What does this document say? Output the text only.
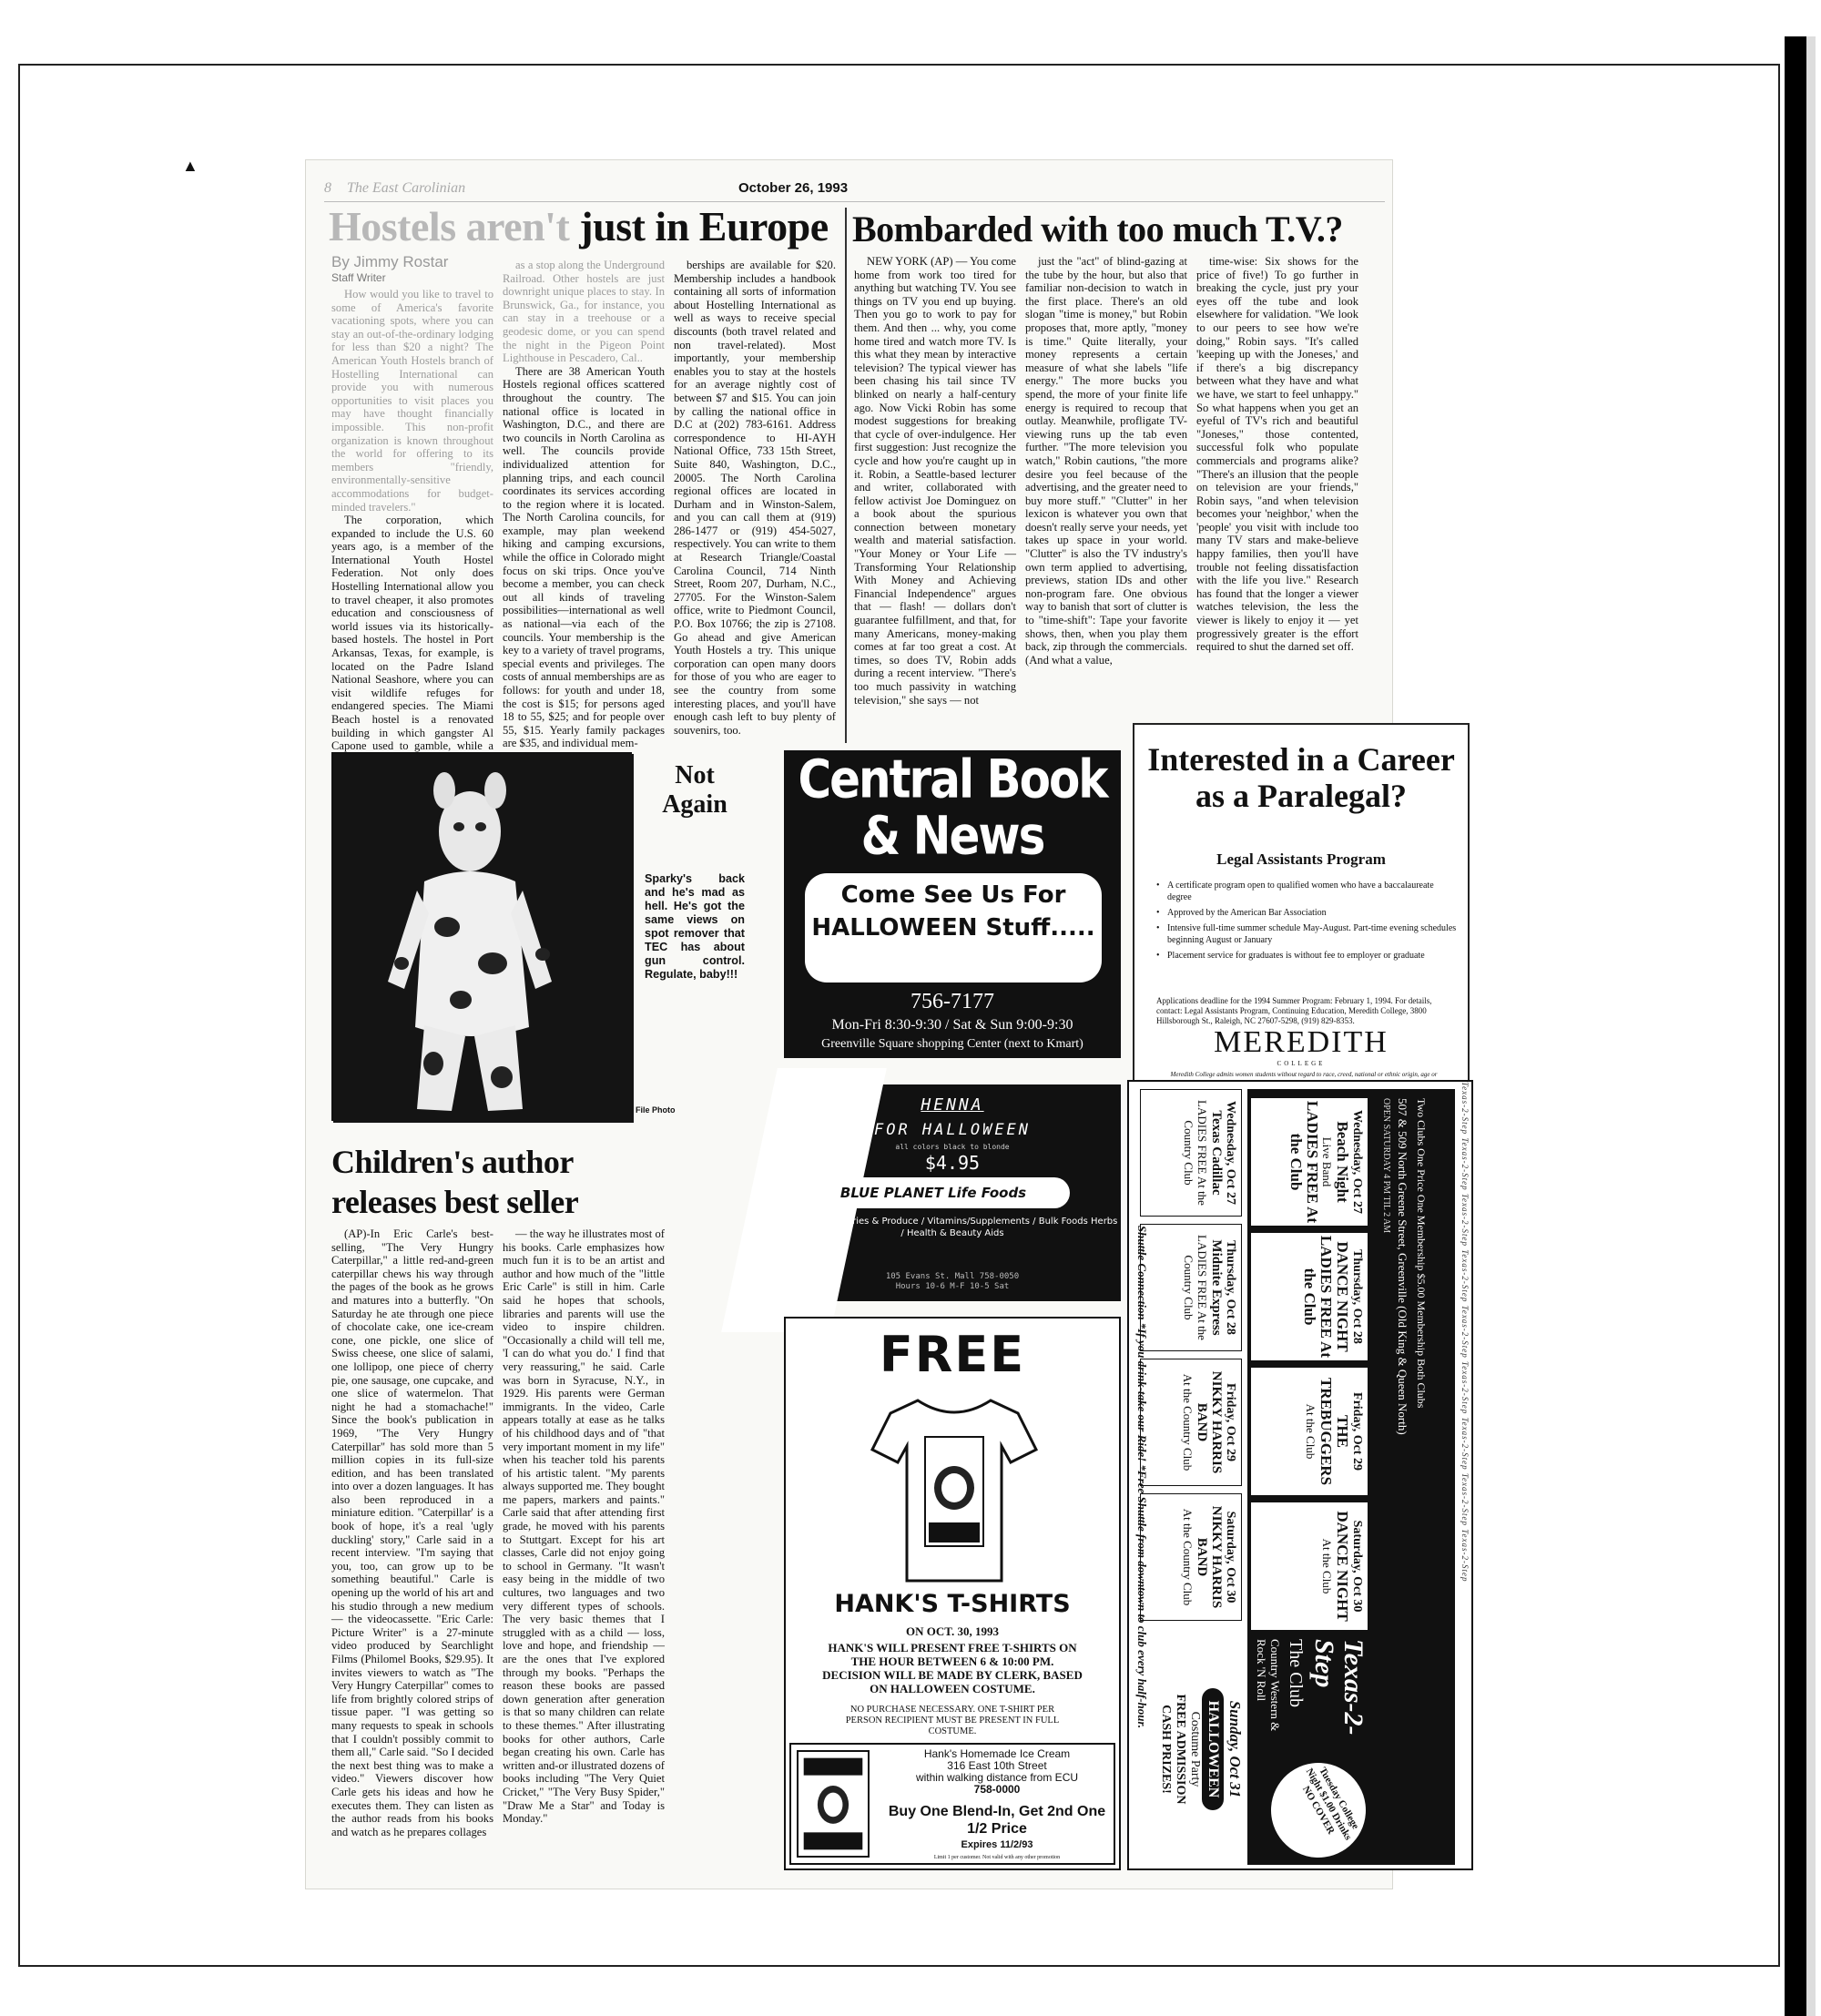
▲
8 The East Carolinian	October 26, 1993
Hostels aren't just in Europe
By Jimmy Rostar
Staff Writer

How would you like to travel to some of America's favorite vacationing spots, where you can stay an out-of-the-ordinary lodging for less than $20 a night? The American Youth Hostels branch of Hostelling International can provide you with numerous opportunities to visit places you may have thought financially impossible. This non-profit organization is known throughout the world for offering to its members "friendly, environmentally-sensitive accommodations for budget-minded travelers."

The corporation, which expanded to include the U.S. 60 years ago, is a member of the International Youth Hostel Federation. Not only does Hostelling International allow you to travel cheaper, it also promotes education and consciousness of world issues via its historically-based hostels. The hostel in Port Arkansas, Texas, for example, is located on the Padre Island National Seashore, where you can visit wildlife refuges for endangered species. The Miami Beach hostel is a renovated building in which gangster Al Capone used to gamble, while a

as a stop along the Underground Railroad. Other hostels are just downright unique places to stay. In Brunswick, Ga., for instance, you can stay in a treehouse or a geodesic dome, or you can spend the night in the Pigeon Point Lighthouse in Pescadero, Cal..

There are 38 American Youth Hostels regional offices scattered throughout the country. The national office is located in Washington, D.C., and there are two councils in North Carolina as well. The councils provide individualized attention for planning trips, and each council coordinates its services according to the region where it is located. The North Carolina councils, for example, may plan weekend hiking and camping excursions, while the office in Colorado might focus on ski trips. Once you've become a member, you can check out all kinds of traveling possibilities—international as well as national—via each of the councils. Your membership is the key to a variety of travel programs, special events and privileges. The costs of annual memberships are as follows: for youth and under 18, the cost is $15; for persons aged 18 to 55, $25; and for people over 55, $15. Yearly family packages are $35, and individual mem-

berships are available for $20. Membership includes a handbook containing all sorts of information about Hostelling International as well as ways to receive special discounts (both travel related and non travel-related). Most importantly, your membership enables you to stay at the hostels for an average nightly cost of between $7 and $15. You can join by calling the national office in D.C at (202) 783-6161. Address correspondence to HI-AYH National Office, 733 15th Street, Suite 840, Washington, D.C., 20005. The North Carolina regional offices are located in Durham and in Winston-Salem, and you can call them at (919) 286-1477 or (919) 454-5027, respectively. You can write to them at Research Triangle/Coastal Carolina Council, 714 Ninth Street, Room 207, Durham, N.C., 27705. For the Winston-Salem office, write to Piedmont Council, P.O. Box 10766; the zip is 27108. Go ahead and give American Youth Hostels a try. This unique corporation can open many doors for those of you who are eager to see the country from some interesting places, and you'll have enough cash left to buy plenty of souvenirs, too.

Bombarded with too much T.V.?

NEW YORK (AP) — You come home from work too tired for anything but watching TV. You see things on TV you end up buying. Then you go to work to pay for them. And then ... why, you come home tired and watch more TV. Is this what they mean by interactive television? The typical viewer has been chasing his tail since TV blinked on nearly a half-century ago. Now Vicki Robin has some modest suggestions for breaking that cycle of over-indulgence. Her first suggestion: Just recognize the cycle and how you're caught up in it. Robin, a Seattle-based lecturer and writer, collaborated with fellow activist Joe Dominguez on a book about the spurious connection between monetary wealth and material satisfaction. "Your Money or Your Life — Transforming Your Relationship With Money and Achieving Financial Independence" argues that — flash! — dollars don't guarantee fulfillment, and that, for many Americans, money-making comes at far too great a cost. At times, so does TV, Robin adds during a recent interview. "There's too much passivity in watching television," she says — not

just the "act" of blind-gazing at the tube by the hour, but also that familiar non-decision to watch in the first place. There's an old slogan "time is money," but Robin proposes that, more aptly, "money is time." Quite literally, your money represents a certain measure of what she labels "life energy." The more bucks you spend, the more of your finite life energy is required to recoup that outlay. Meanwhile, profligate TV-viewing runs up the tab even further. "The more television you watch," Robin cautions, "the more desire you feel because of the advertising, and the greater need to buy more stuff." "Clutter" in her lexicon is whatever you own that doesn't really serve your needs, yet takes up space in your world. "Clutter" is also the TV industry's own term applied to advertising, previews, station IDs and other non-program fare. One obvious way to banish that sort of clutter is to "time-shift": Tape your favorite shows, then, when you play them back, zip through the commercials. (And what a value,

time-wise: Six shows for the price of five!) To go further in breaking the cycle, just pry your eyes off the tube and look elsewhere for validation. "We look to our peers to see how we're doing," Robin says. "It's called 'keeping up with the Joneses,' and if there's a big discrepancy between what they have and what we have, we start to feel unhappy." So what happens when you get an eyeful of TV's rich and beautiful "Joneses," those contented, successful folk who populate commercials and programs alike? "There's an illusion that the people on television are your friends," Robin says, "and when television becomes your 'neighbor,' when the 'people' you visit with include too many TV stars and make-believe happy families, then you'll have trouble not feeling dissatisfaction with the life you live." Research has found that the longer a viewer watches television, the less the viewer is likely to enjoy it — yet progressively greater is the effort required to shut the darned set off.

Not Again
Sparky's back and he's mad as hell. He's got the same views on spot remover that TEC has about gun control. Regulate, baby!!!
File Photo
Central Book & News
Come See Us For HALLOWEEN Stuff.....
756-7177
Mon-Fri 8:30-9:30 / Sat & Sun 9:00-9:30
Greenville Square shopping Center (next to Kmart)
Interested in a Career as a Paralegal?
Legal Assistants Program
• A certificate program open to qualified women who have a baccalaureate degree
• Approved by the American Bar Association
• Intensive full-time summer schedule May-August. Part-time evening schedules beginning August or January
• Placement service for graduates is without fee to employer or graduate
Applications deadline for the 1994 Summer Program: February 1, 1994. For details, contact: Legal Assistants Program, Continuing Education, Meredith College, 3800 Hillsborough St., Raleigh, NC 27607-5298, (919) 829-8353.
MEREDITH
COLLEGE
Meredith College admits women students without regard to race, creed, national or ethnic origin, age or
Children's author releases best seller

(AP)-In Eric Carle's best-selling, "The Very Hungry Caterpillar," a little red-and-green caterpillar chews his way through the pages of the book as he grows and matures into a butterfly. "On Saturday he ate through one piece of chocolate cake, one ice-cream cone, one pickle, one slice of Swiss cheese, one slice of salami, one lollipop, one piece of cherry pie, one sausage, one cupcake, and one slice of watermelon. That night he had a stomachache!" Since the book's publication in 1969, "The Very Hungry Caterpillar" has sold more than 5 million copies in its full-size edition, and has been translated into over a dozen languages. It has also been reproduced in a miniature edition. "Caterpillar' is a book of hope, it's a real 'ugly duckling' story," Carle said in a recent interview. "I'm saying that you, too, can grow up to be something beautiful." Carle is opening up the world of his art and his studio through a new medium — the videocassette. "Eric Carle: Picture Writer" is a 27-minute video produced by Searchlight Films (Philomel Books, $29.95). It invites viewers to watch as "The Very Hungry Caterpillar" comes to life from brightly colored strips of tissue paper. "I was getting so many requests to speak in schools that I couldn't possibly commit to them all," Carle said. "So I decided the next best thing was to make a video." Viewers discover how Carle gets his ideas and how he executes them. They can listen as the author reads from his books and watch as he prepares collages

— the way he illustrates most of his books. Carle emphasizes how much fun it is to be an artist and author and how much of the "little Eric Carle" is still in him. Carle said he hopes that schools, libraries and parents will use the video to inspire children. "Occasionally a child will tell me, 'I can do what you do.' I find that very reassuring," he said. Carle was born in Syracuse, N.Y., in 1929. His parents were German immigrants. In the video, Carle appears totally at ease as he talks of his childhood days and of "that very important moment in my life" when his teacher told his parents of his artistic talent. "My parents always supported me. They bought me papers, markers and paints." Carle said that after attending first grade, he moved with his parents to Stuttgart. Except for his art classes, Carle did not enjoy going to school in Germany. "It wasn't easy being in the middle of two cultures, two languages and two very different types of schools. The very basic themes that I struggled with as a child — loss, love and hope, and friendship — are the ones that I've explored through my books. "Perhaps the reason these books are passed down generation after generation is that so many children can relate to these themes." After illustrating books for other authors, Carle began creating his own. Carle has written and-or illustrated dozens of books including "The Very Quiet Cricket," "The Very Busy Spider," "Draw Me a Star" and Today is Monday."

HENNA
FOR HALLOWEEN
all colors black to blonde
$4.95
BLUE PLANET Life Foods
Organic Groceries & Produce / Vitamins/Supplements / Bulk Foods Herbs / Health & Beauty Aids
105 Evans St. Mall 758-0050
Hours 10-6 M-F 10-5 Sat
FREE
HANK'S T-SHIRTS
ON OCT. 30, 1993
HANK'S WILL PRESENT FREE T-SHIRTS ON THE HOUR BETWEEN 6 & 10:00 PM. DECISION WILL BE MADE BY CLERK, BASED ON HALLOWEEN COSTUME.
NO PURCHASE NECESSARY. ONE T-SHIRT PER PERSON RECIPIENT MUST BE PRESENT IN FULL COSTUME.
Hank's Homemade Ice Cream
316 East 10th Street
within walking distance from ECU
758-0000
Buy One Blend-In, Get 2nd One 1/2 Price
Expires 11/2/93
Limit 1 per customer. Not valid with any other promotion
Texas-2-Step Texas-2-Step Texas-2-Step Texas-2-Step Texas-2-Step Texas-2-Step Texas-2-Step Texas-2-Step Texas-2-Step
Two Clubs One Price One Membership $5.00 Membership Both Clubs
507 & 509 North Greene Street, Greenville (Old King & Queen North)
OPEN SATURDAY 4 PM TIL 2 AM
Wednesday, Oct 27
Beach Night
Live Band
LADIES FREE At the Club
Thursday, Oct 28
DANCE NIGHT
LADIES FREE At the Club
Friday, Oct 29
THE TREBUGGERS
At the Club
Saturday, Oct 30
DANCE NIGHT
At the Club
Texas-2-Step
The Club
Country Western & Rock 'N Roll
Tuesday College Night $1.00 Drinks NO COVER
Wednesday, Oct 27
Texas Cadillac
LADIES FREE At the Country Club
Thursday, Oct 28
Midnite Express
LADIES FREE At the Country Club
Friday, Oct 29
NIKKY HARRIS BAND
At the Country Club
Saturday, Oct 30
NIKKY HARRIS BAND
At the Country Club
Sunday, Oct 31
HALLOWEEN
Costume Party
FREE ADMISSION
CASH PRIZES!
Shuttle Connection *If you drink-take our Ride! *Free Shuttle from downtown to club every half-hour.
